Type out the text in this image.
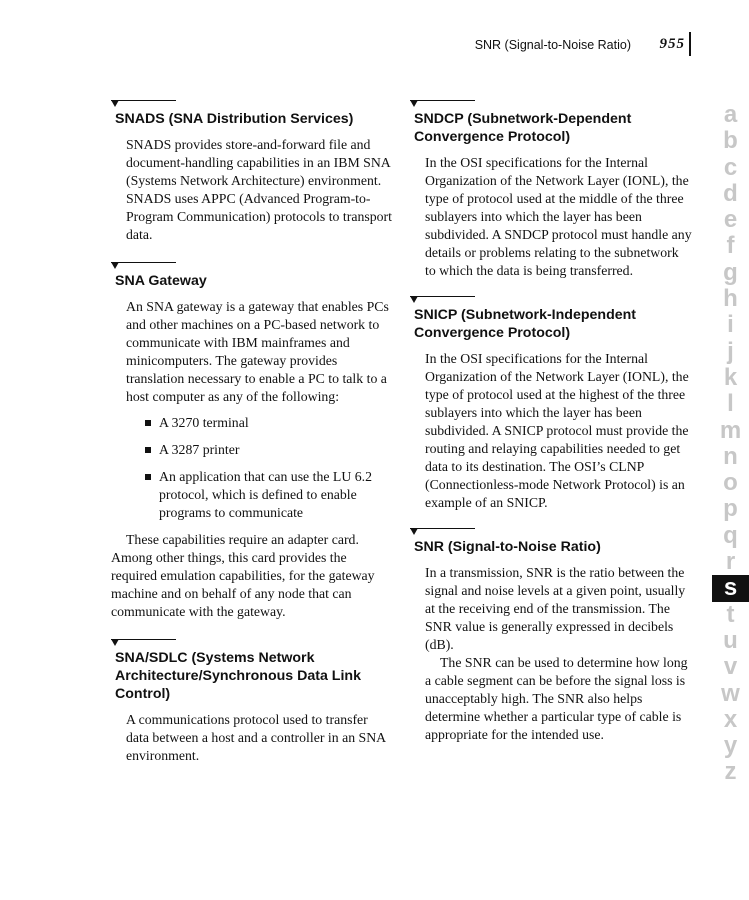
SNR (Signal-to-Noise Ratio) 955
SNADS (SNA Distribution Services)

SNADS provides store-and-forward file and document-handling capabilities in an IBM SNA (Systems Network Architecture) environment. SNADS uses APPC (Advanced Program-to-Program Communication) protocols to transport data.

SNA Gateway

An SNA gateway is a gateway that enables PCs and other machines on a PC-based network to communicate with IBM mainframes and minicomputers. The gateway provides translation necessary to enable a PC to talk to a host computer as any of the following:

A 3270 terminal
A 3287 printer
An application that can use the LU 6.2 protocol, which is defined to enable programs to communicate

These capabilities require an adapter card. Among other things, this card provides the required emulation capabilities, for the gateway machine and on behalf of any node that can communicate with the gateway.

SNA/SDLC (Systems Network Architecture/Synchronous Data Link Control)

A communications protocol used to transfer data between a host and a controller in an SNA environment.

SNDCP (Subnetwork-Dependent Convergence Protocol)

In the OSI specifications for the Internal Organization of the Network Layer (IONL), the type of protocol used at the middle of the three sublayers into which the layer has been subdivided. A SNDCP protocol must handle any details or problems relating to the subnetwork to which the data is being transferred.

SNICP (Subnetwork-Independent Convergence Protocol)

In the OSI specifications for the Internal Organization of the Network Layer (IONL), the type of protocol used at the highest of the three sublayers into which the layer has been subdivided. A SNICP protocol must provide the routing and relaying capabilities needed to get data to its destination. The OSI’s CLNP (Connectionless-mode Network Protocol) is an example of an SNICP.

SNR (Signal-to-Noise Ratio)

In a transmission, SNR is the ratio between the signal and noise levels at a given point, usually at the receiving end of the transmission. The SNR value is generally expressed in decibels (dB).

The SNR can be used to determine how long a cable segment can be before the signal loss is unacceptably high. The SNR also helps determine whether a particular type of cable is appropriate for the intended use.

a
b
c
d
e
f
g
h
i
j
k
l
m
n
o
p
q
r
s
t
u
v
w
x
y
z
